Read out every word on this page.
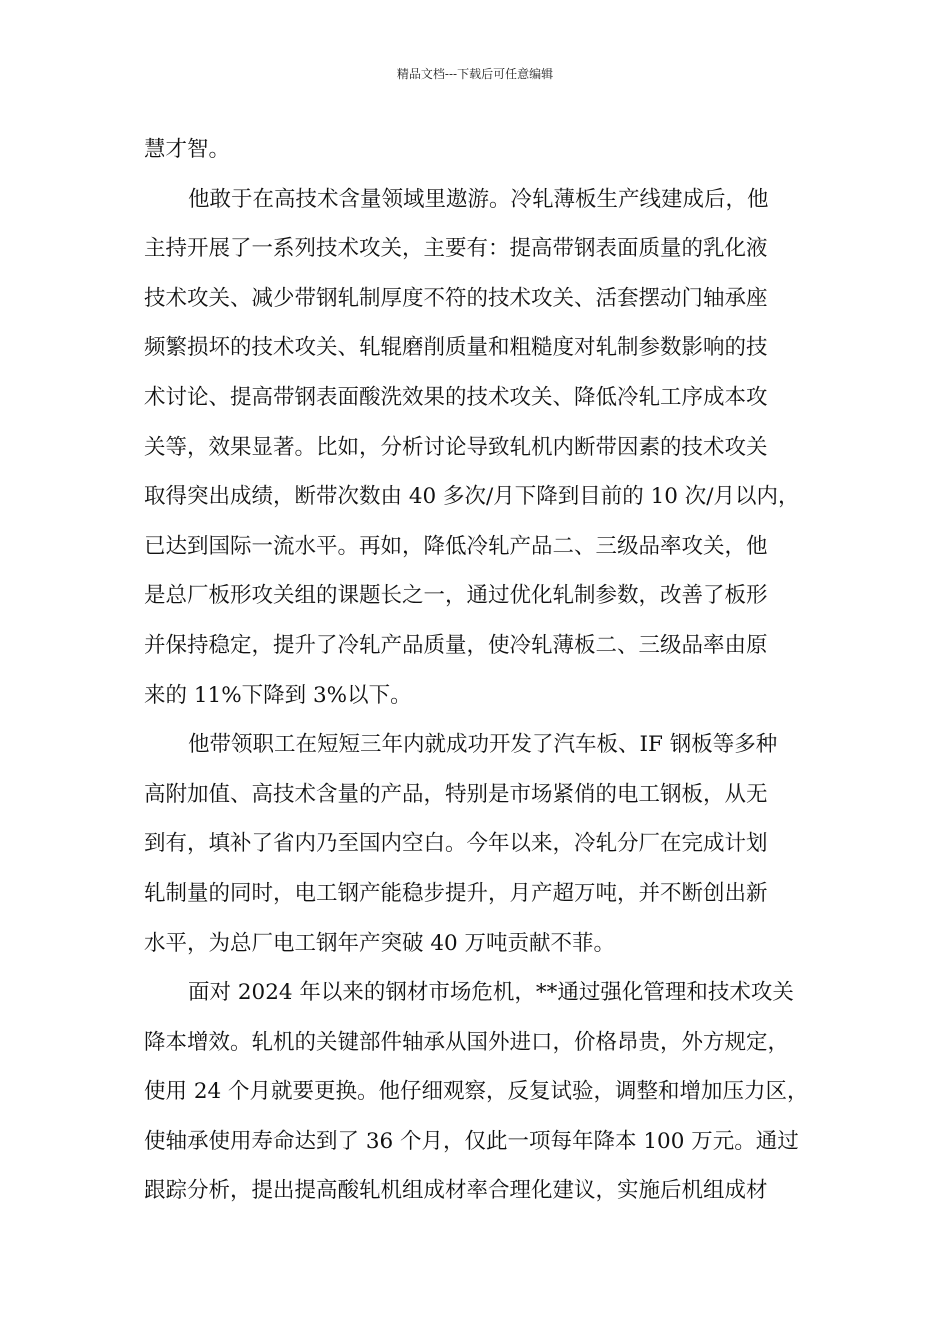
精品文档---下载后可任意编辑
慧才智。
他敢于在高技术含量领域里遨游。冷轧薄板生产线建成后，他
主持开展了一系列技术攻关，主要有：提高带钢表面质量的乳化液
技术攻关、减少带钢轧制厚度不符的技术攻关、活套摆动门轴承座
频繁损坏的技术攻关、轧辊磨削质量和粗糙度对轧制参数影响的技
术讨论、提高带钢表面酸洗效果的技术攻关、降低冷轧工序成本攻
关等，效果显著。比如，分析讨论导致轧机内断带因素的技术攻关
取得突出成绩，断带次数由 40 多次/月下降到目前的 10 次/月以内，
已达到国际一流水平。再如，降低冷轧产品二、三级品率攻关，他
是总厂板形攻关组的课题长之一，通过优化轧制参数，改善了板形
并保持稳定，提升了冷轧产品质量，使冷轧薄板二、三级品率由原
来的 11%下降到 3%以下。
他带领职工在短短三年内就成功开发了汽车板、IF 钢板等多种
高附加值、高技术含量的产品，特别是市场紧俏的电工钢板，从无
到有，填补了省内乃至国内空白。今年以来，冷轧分厂在完成计划
轧制量的同时，电工钢产能稳步提升，月产超万吨，并不断创出新
水平，为总厂电工钢年产突破 40 万吨贡献不菲。
面对 2024 年以来的钢材市场危机，**通过强化管理和技术攻关
降本增效。轧机的关键部件轴承从国外进口，价格昂贵，外方规定，
使用 24 个月就要更换。他仔细观察，反复试验，调整和增加压力区，
使轴承使用寿命达到了 36 个月，仅此一项每年降本 100 万元。通过
跟踪分析，提出提高酸轧机组成材率合理化建议，实施后机组成材
